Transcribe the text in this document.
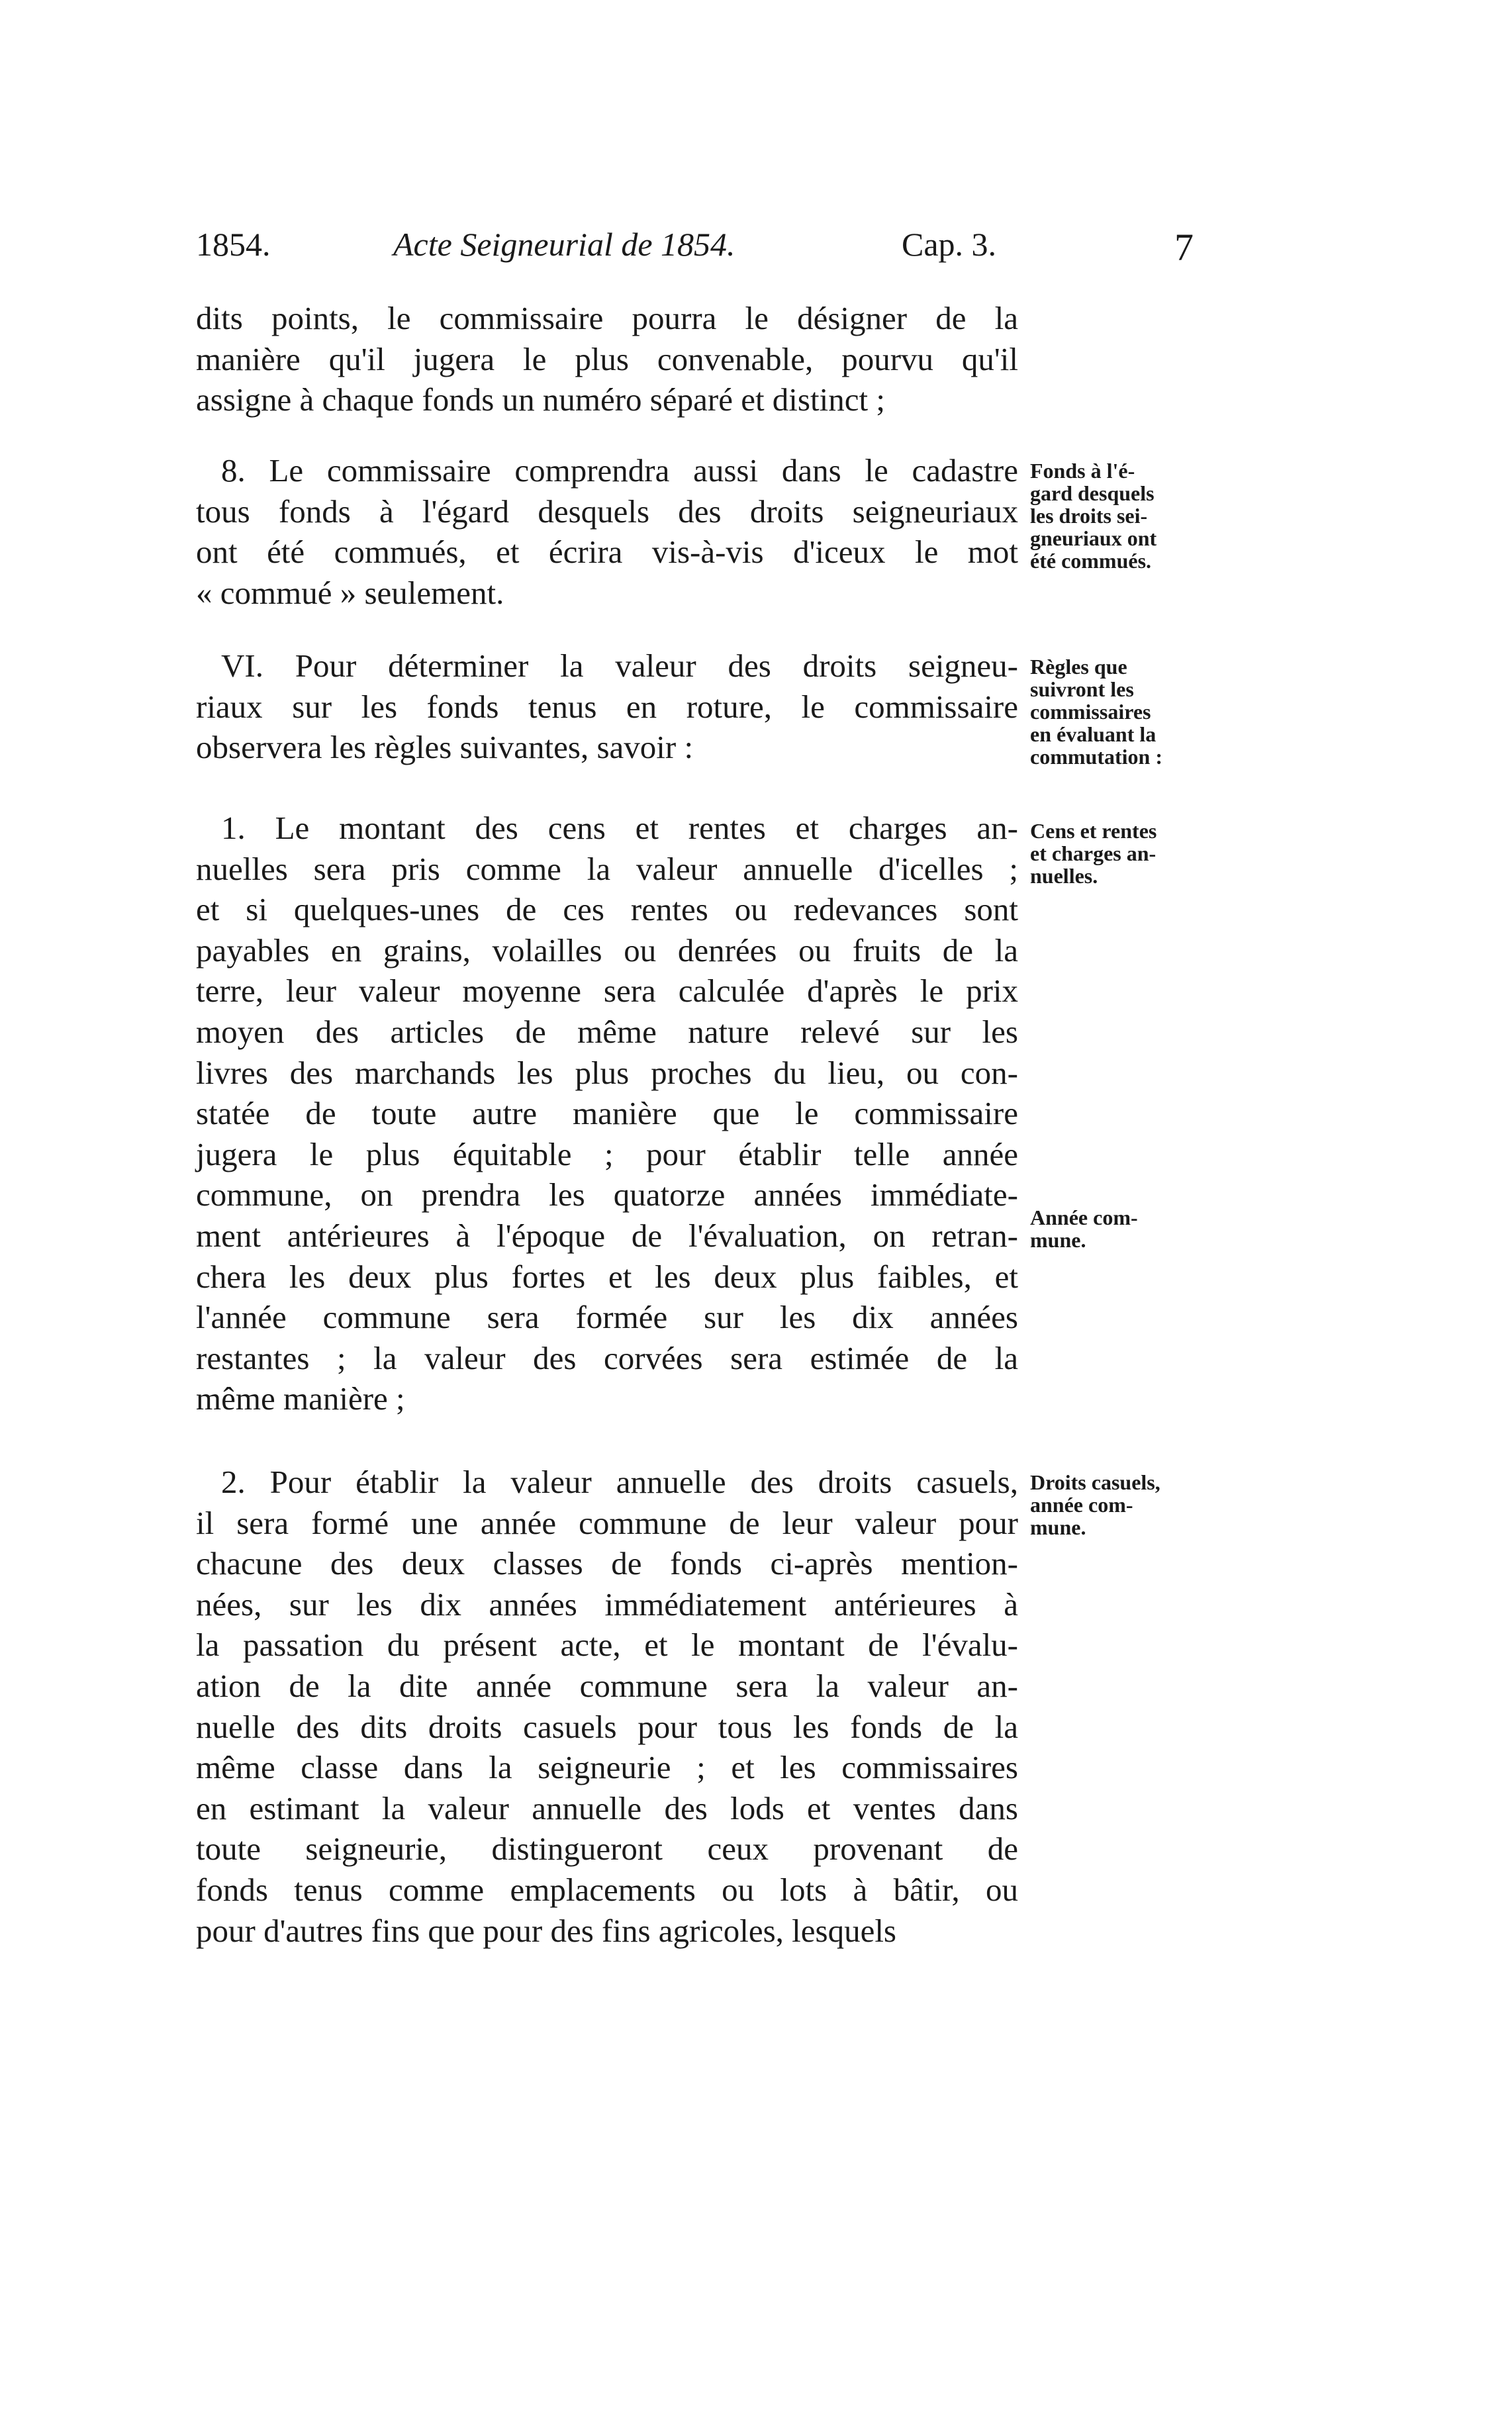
1854.	Acte Seigneurial de 1854.	Cap. 3.	7
dits points, le commissaire pourra le désigner de la
manière qu'il jugera le plus convenable, pourvu qu'il
assigne à chaque fonds un numéro séparé et distinct ;
8. Le commissaire comprendra aussi dans le cadastre
tous fonds à l'égard desquels des droits seigneuriaux
ont été commués, et écrira vis-à-vis d'iceux le mot
« commué » seulement.
VI. Pour déterminer la valeur des droits seigneu-
riaux sur les fonds tenus en roture, le commissaire
observera les règles suivantes, savoir :
1. Le montant des cens et rentes et charges an-
nuelles sera pris comme la valeur annuelle d'icelles ;
et si quelques-unes de ces rentes ou redevances sont
payables en grains, volailles ou denrées ou fruits de la
terre, leur valeur moyenne sera calculée d'après le prix
moyen des articles de même nature relevé sur les
livres des marchands les plus proches du lieu, ou con-
statée de toute autre manière que le commissaire
jugera le plus équitable ; pour établir telle année
commune, on prendra les quatorze années immédiate-
ment antérieures à l'époque de l'évaluation, on retran-
chera les deux plus fortes et les deux plus faibles, et
l'année commune sera formée sur les dix années
restantes ; la valeur des corvées sera estimée de la
même manière ;
2. Pour établir la valeur annuelle des droits casuels,
il sera formé une année commune de leur valeur pour
chacune des deux classes de fonds ci-après mention-
nées, sur les dix années immédiatement antérieures à
la passation du présent acte, et le montant de l'évalu-
ation de la dite année commune sera la valeur an-
nuelle des dits droits casuels pour tous les fonds de la
même classe dans la seigneurie ; et les commissaires
en estimant la valeur annuelle des lods et ventes dans
toute seigneurie, distingueront ceux provenant de
fonds tenus comme emplacements ou lots à bâtir, ou
pour d'autres fins que pour des fins agricoles, lesquels
Fonds à l'é-
gard desquels
les droits sei-
gneuriaux ont
été commués.
Règles que
suivront les
commissaires
en évaluant la
commutation :
Cens et rentes
et charges an-
nuelles.
Année com-
mune.
Droits casuels,
année com-
mune.
